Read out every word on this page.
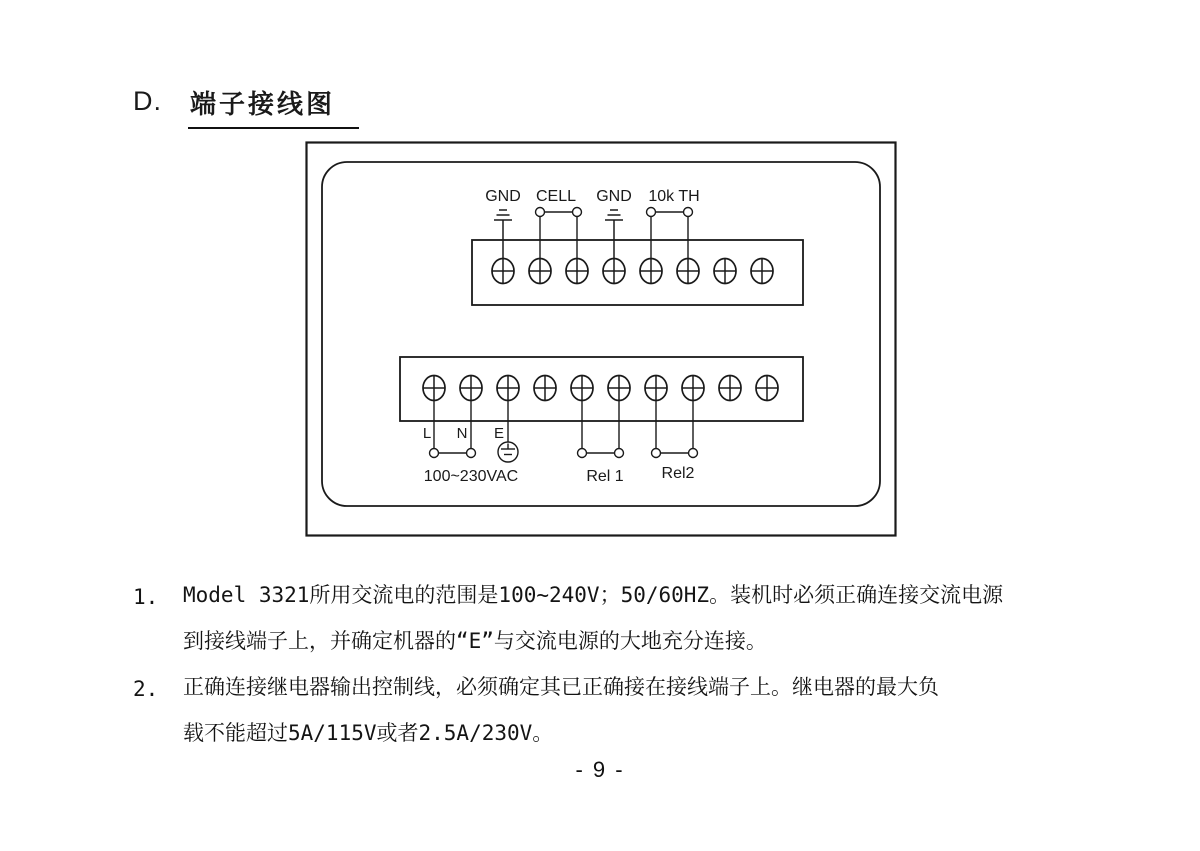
D. 端子接线图
GND CELL GND 10k TH
L N E
100~230VAC	Rel 1 Rel2
1. Model 3321所用交流电的范围是100~240V；50/60HZ。装机时必须正确连接交流电源
到接线端子上，并确定机器的“E”与交流电源的大地充分连接。
2. 正确连接继电器输出控制线，必须确定其已正确接在接线端子上。继电器的最大负
载不能超过5A/115V或者2.5A/230V。
- 9 -
